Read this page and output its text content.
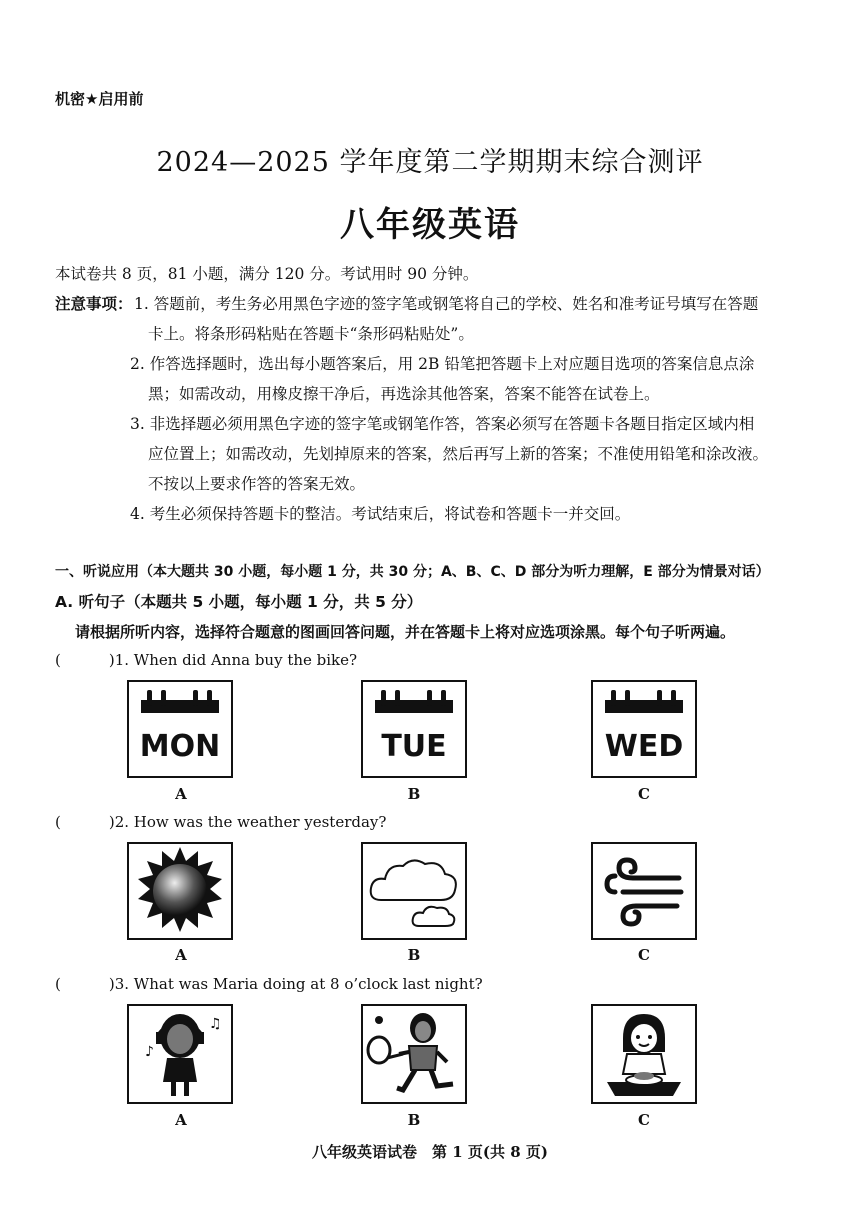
机密★启用前
2024—2025 学年度第二学期期末综合测评
八年级英语
本试卷共 8 页，81 小题，满分 120 分。考试用时 90 分钟。
注意事项： 1. 答题前，考生务必用黑色字迹的签字笔或钢笔将自己的学校、姓名和准考证号填写在答题
卡上。将条形码粘贴在答题卡“条形码粘贴处”。
2. 作答选择题时，选出每小题答案后，用 2B 铅笔把答题卡上对应题目选项的答案信息点涂
黑；如需改动，用橡皮擦干净后，再选涂其他答案，答案不能答在试卷上。
3. 非选择题必须用黑色字迹的签字笔或钢笔作答，答案必须写在答题卡各题目指定区域内相
应位置上；如需改动，先划掉原来的答案，然后再写上新的答案；不准使用铅笔和涂改液。
不按以上要求作答的答案无效。
4. 考生必须保持答题卡的整洁。考试结束后，将试卷和答题卡一并交回。
一、听说应用（本大题共 30 小题，每小题 1 分，共 30 分；A、B、C、D 部分为听力理解，E 部分为情景对话）
A. 听句子（本题共 5 小题，每小题 1 分，共 5 分）
请根据所听内容，选择符合题意的图画回答问题，并在答题卡上将对应选项涂黑。每个句子听两遍。
(	)1. When did Anna buy the bike?
MON	TUE	WED
A	B	C
(	)2. How was the weather yesterday?
A	B	C
(	)3. What was Maria doing at 8 o’clock last night?
♪
♫
A	B	C
八年级英语试卷　第 1 页(共 8 页)
